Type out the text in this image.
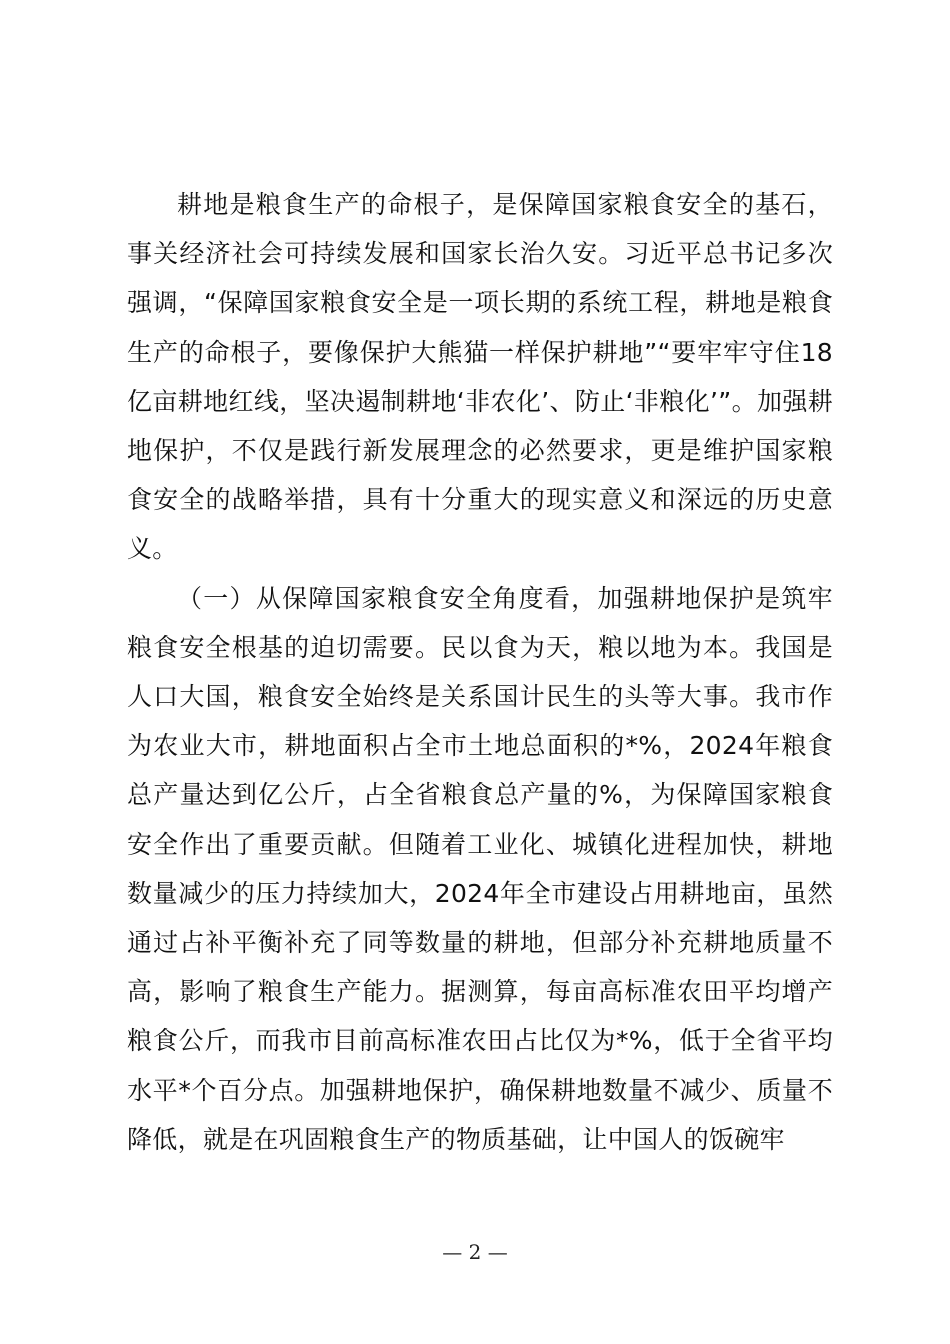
耕地是粮食生产的命根子，是保障国家粮食安全的基石，事关经济社会可持续发展和国家长治久安。习近平总书记多次强调，“保障国家粮食安全是一项长期的系统工程，耕地是粮食生产的命根子，要像保护大熊猫一样保护耕地”“要牢牢守住18亿亩耕地红线，坚决遏制耕地‘非农化’、防止‘非粮化’”。加强耕地保护，不仅是践行新发展理念的必然要求，更是维护国家粮食安全的战略举措，具有十分重大的现实意义和深远的历史意义。

（一）从保障国家粮食安全角度看，加强耕地保护是筑牢粮食安全根基的迫切需要。民以食为天，粮以地为本。我国是人口大国，粮食安全始终是关系国计民生的头等大事。我市作为农业大市，耕地面积占全市土地总面积的*%，2024年粮食总产量达到亿公斤，占全省粮食总产量的%，为保障国家粮食安全作出了重要贡献。但随着工业化、城镇化进程加快，耕地数量减少的压力持续加大，2024年全市建设占用耕地亩，虽然通过占补平衡补充了同等数量的耕地，但部分补充耕地质量不高，影响了粮食生产能力。据测算，每亩高标准农田平均增产粮食公斤，而我市目前高标准农田占比仅为*%，低于全省平均水平*个百分点。加强耕地保护，确保耕地数量不减少、质量不降低，就是在巩固粮食生产的物质基础，让中国人的饭碗牢

— 2 —
